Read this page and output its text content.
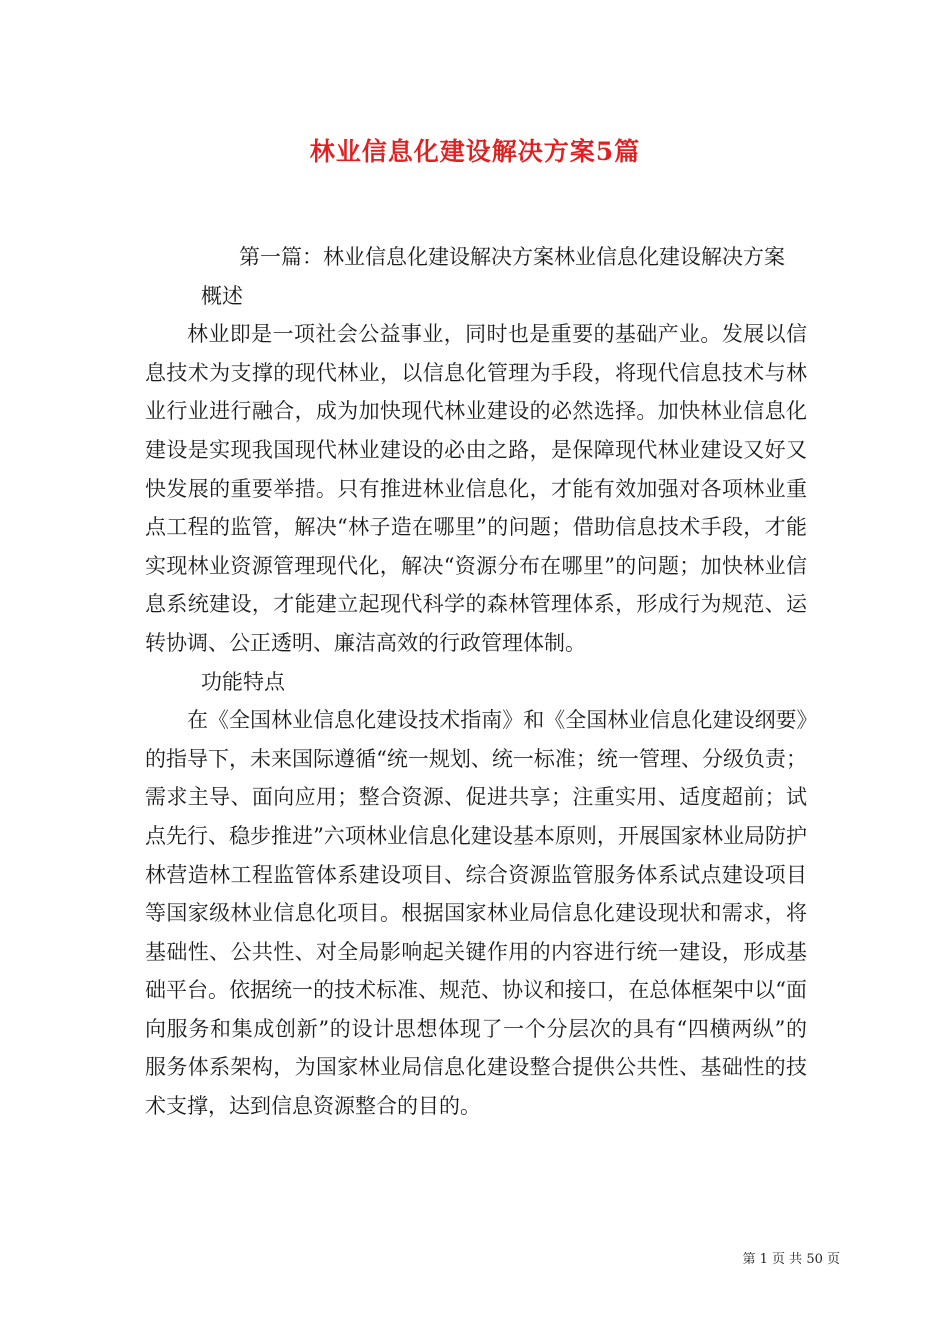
林业信息化建设解决方案5篇

第一篇：林业信息化建设解决方案林业信息化建设解决方案

概述

林业即是一项社会公益事业，同时也是重要的基础产业。发展以信息技术为支撑的现代林业，以信息化管理为手段，将现代信息技术与林业行业进行融合，成为加快现代林业建设的必然选择。加快林业信息化建设是实现我国现代林业建设的必由之路，是保障现代林业建设又好又快发展的重要举措。只有推进林业信息化，才能有效加强对各项林业重点工程的监管，解决“林子造在哪里”的问题；借助信息技术手段，才能实现林业资源管理现代化，解决“资源分布在哪里”的问题；加快林业信息系统建设，才能建立起现代科学的森林管理体系，形成行为规范、运转协调、公正透明、廉洁高效的行政管理体制。

功能特点

在《全国林业信息化建设技术指南》和《全国林业信息化建设纲要》的指导下，未来国际遵循“统一规划、统一标准；统一管理、分级负责；需求主导、面向应用；整合资源、促进共享；注重实用、适度超前；试点先行、稳步推进”六项林业信息化建设基本原则，开展国家林业局防护林营造林工程监管体系建设项目、综合资源监管服务体系试点建设项目等国家级林业信息化项目。根据国家林业局信息化建设现状和需求，将基础性、公共性、对全局影响起关键作用的内容进行统一建设，形成基础平台。依据统一的技术标准、规范、协议和接口，在总体框架中以“面向服务和集成创新”的设计思想体现了一个分层次的具有“四横两纵”的服务体系架构，为国家林业局信息化建设整合提供公共性、基础性的技术支撑，达到信息资源整合的目的。

第 1 页 共 50 页
